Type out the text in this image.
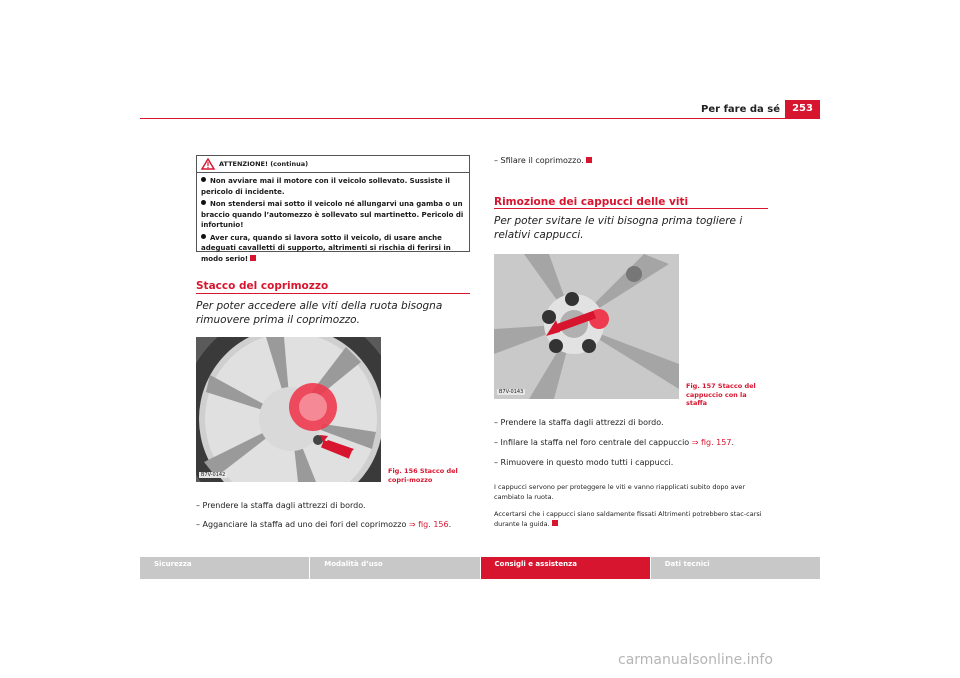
Per fare da sé	253
ATTENZIONE! (continua)

Non avviare mai il motore con il veicolo sollevato. Sussiste il pericolo di incidente.

Non stendersi mai sotto il veicolo né allungarvi una gamba o un braccio quando l’automezzo è sollevato sul martinetto. Pericolo di infortunio!

Aver cura, quando si lavora sotto il veicolo, di usare anche adeguati cavalletti di supporto, altrimenti si rischia di ferirsi in modo serio!

Stacco del coprimozzo
Per poter accedere alle viti della ruota bisogna rimuovere prima il coprimozzo.
B7V-0142	Fig. 156 Stacco del copri-mozzo
– Prendere la staffa dagli attrezzi di bordo.
– Agganciare la staffa ad uno dei fori del coprimozzo ⇒ fig. 156.
– Sfilare il coprimozzo.
Rimozione dei cappucci delle viti
Per poter svitare le viti bisogna prima togliere i relativi cappucci.
B7V-0143
Fig. 157 Stacco del cappuccio con la staffa
– Prendere la staffa dagli attrezzi di bordo.
– Infilare la staffa nel foro centrale del cappuccio ⇒ fig. 157.
– Rimuovere in questo modo tutti i cappucci.
I cappucci servono per proteggere le viti e vanno riapplicati subito dopo aver cambiato la ruota.
Accertarsi che i cappucci siano saldamente fissati Altrimenti potrebbero stac-carsi durante la guida.
Sicurezza	Modalità d’uso	Consigli e assistenza	Dati tecnici
carmanualsonline.info
